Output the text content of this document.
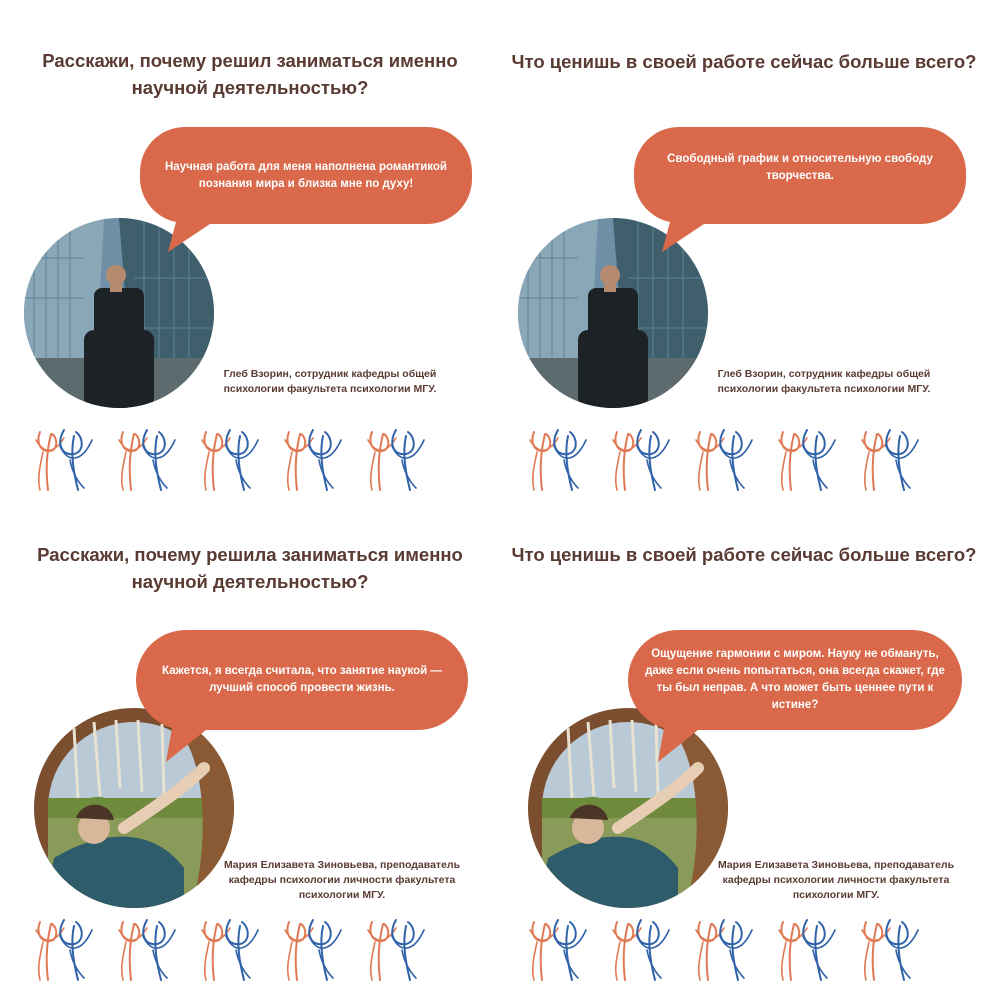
Расскажи, почему решил заниматься именно научной деятельностью?
Научная работа для меня наполнена романтикой познания мира и близка мне по духу!
Глеб Взорин, сотрудник кафедры общей психологии факультета психологии МГУ.
Что ценишь в своей работе сейчас больше всего?
Свободный график и относительную свободу творчества.
Глеб Взорин, сотрудник кафедры общей психологии факультета психологии МГУ.
Расскажи, почему решила заниматься именно научной деятельностью?
Кажется, я всегда считала, что занятие наукой — лучший способ провести жизнь.
Мария Елизавета Зиновьева, преподаватель кафедры психологии личности факультета психологии МГУ.
Что ценишь в своей работе сейчас больше всего?
Ощущение гармонии с миром. Науку не обмануть, даже если очень попытаться, она всегда скажет, где ты был неправ. А что может быть ценнее пути к истине?
Мария Елизавета Зиновьева, преподаватель кафедры психологии личности факультета психологии МГУ.
